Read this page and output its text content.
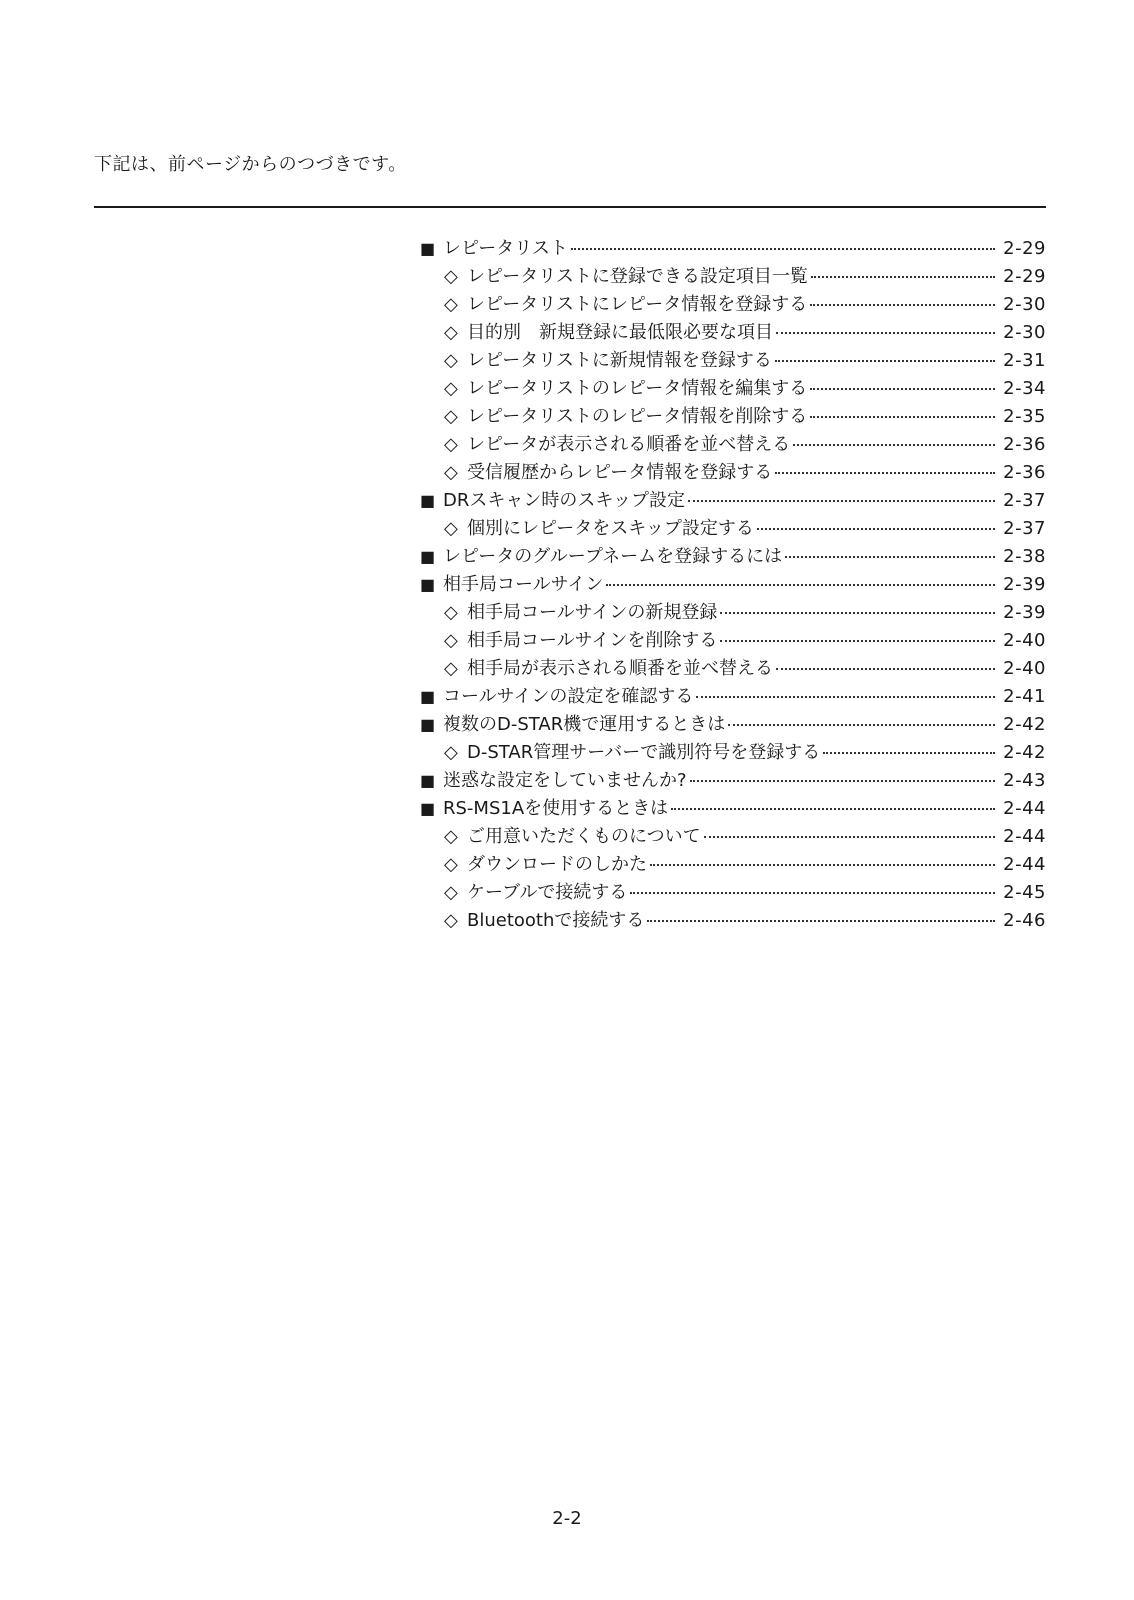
下記は、前ページからのつづきです。
■ レピータリスト	2-29
◇ レピータリストに登録できる設定項目一覧	2-29
◇ レピータリストにレピータ情報を登録する	2-30
◇ 目的別　新規登録に最低限必要な項目	2-30
◇ レピータリストに新規情報を登録する	2-31
◇ レピータリストのレピータ情報を編集する	2-34
◇ レピータリストのレピータ情報を削除する	2-35
◇ レピータが表示される順番を並べ替える	2-36
◇ 受信履歴からレピータ情報を登録する	2-36
■ DRスキャン時のスキップ設定	2-37
◇ 個別にレピータをスキップ設定する	2-37
■ レピータのグループネームを登録するには	2-38
■ 相手局コールサイン	2-39
◇ 相手局コールサインの新規登録	2-39
◇ 相手局コールサインを削除する	2-40
◇ 相手局が表示される順番を並べ替える	2-40
■ コールサインの設定を確認する	2-41
■ 複数のD-STAR機で運用するときは	2-42
◇ D-STAR管理サーバーで識別符号を登録する	2-42
■ 迷惑な設定をしていませんか?	2-43
■ RS-MS1Aを使用するときは	2-44
◇ ご用意いただくものについて	2-44
◇ ダウンロードのしかた	2-44
◇ ケーブルで接続する	2-45
◇ Bluetoothで接続する	2-46
2-2
